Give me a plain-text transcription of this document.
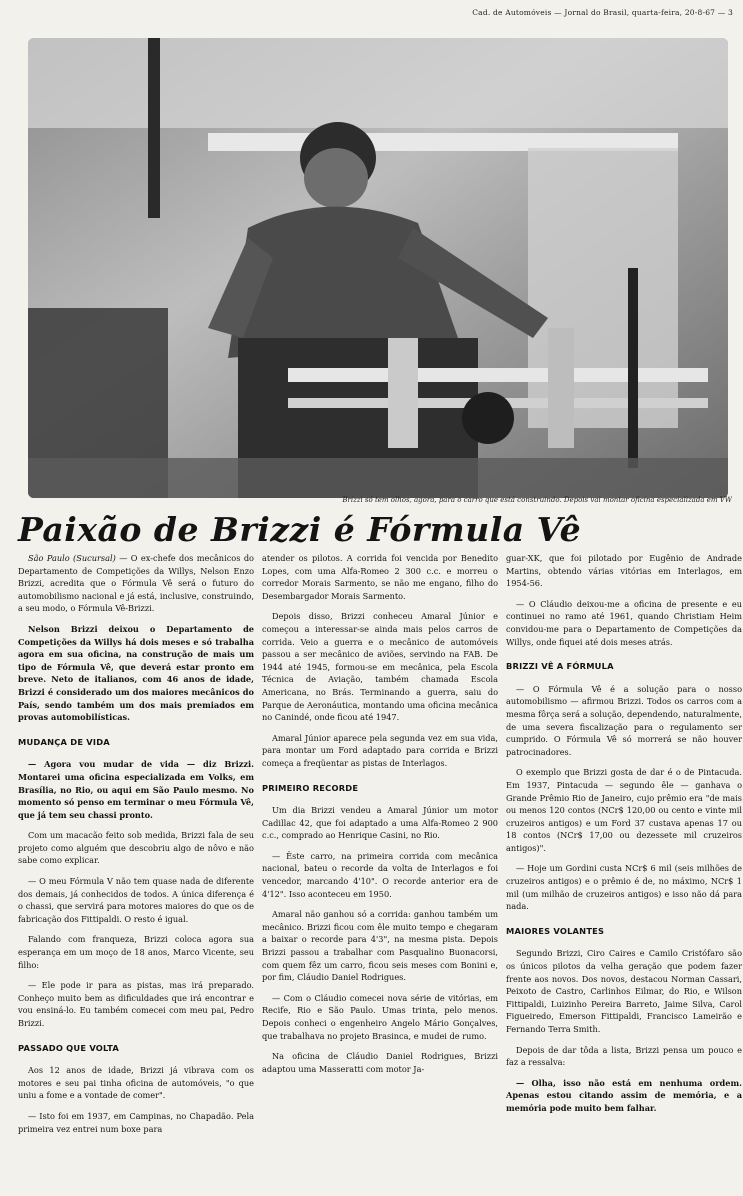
Cad. de Automóveis — Jornal do Brasil, quarta-feira, 20-8-67 — 3
Brizzi só tem olhos, agora, para o carro que está construindo. Depois vai montar oficina especializada em VW
Paixão de Brizzi é Fórmula Vê

São Paulo (Sucursal) — O ex-chefe dos mecânicos do Departamento de Competições da Willys, Nelson Enzo Brizzi, acredita que o Fórmula Vê será o futuro do automobilismo nacional e já está, inclusive, construindo, a seu modo, o Fórmula Vê-Brizzi.

Nelson Brizzi deixou o Departamento de Competições da Willys há dois meses e só trabalha agora em sua oficina, na construção de mais um tipo de Fórmula Vê, que deverá estar pronto em breve. Neto de italianos, com 46 anos de idade, Brizzi é considerado um dos maiores mecânicos do País, sendo também um dos mais premiados em provas automobilísticas.

MUDANÇA DE VIDA

— Agora vou mudar de vida — diz Brizzi. Montarei uma oficina especializada em Volks, em Brasília, no Rio, ou aqui em São Paulo mesmo. No momento só penso em terminar o meu Fórmula Vê, que já tem seu chassi pronto.

Com um macacão feito sob medida, Brizzi fala de seu projeto como alguém que descobriu algo de nôvo e não sabe como explicar.

— O meu Fórmula V não tem quase nada de diferente dos demais, já conhecidos de todos. A única diferença é o chassi, que servirá para motores maiores do que os de fabricação dos Fittipaldi. O resto é igual.

Falando com franqueza, Brizzi coloca agora sua esperança em um moço de 18 anos, Marco Vicente, seu filho:

— Ele pode ir para as pistas, mas irá preparado. Conheço muito bem as dificuldades que irá encontrar e vou ensiná-lo. Eu também comecei com meu pai, Pedro Brizzi.

PASSADO QUE VOLTA

Aos 12 anos de idade, Brizzi já vibrava com os motores e seu pai tinha oficina de automóveis, "o que uniu a fome e a vontade de comer".

— Isto foi em 1937, em Campinas, no Chapadão. Pela primeira vez entrei num boxe para

atender os pilotos. A corrida foi vencida por Benedito Lopes, com uma Alfa-Romeo 2 300 c.c. e morreu o corredor Morais Sarmento, se não me engano, filho do Desembargador Morais Sarmento.

Depois disso, Brizzi conheceu Amaral Júnior e começou a interessar-se ainda mais pelos carros de corrida. Veio a guerra e o mecânico de automóveis passou a ser mecânico de aviões, servindo na FAB. De 1944 até 1945, formou-se em mecânica, pela Escola Técnica de Aviação, também chamada Escola Americana, no Brás. Terminando a guerra, saiu do Parque de Aeronáutica, montando uma oficina mecânica no Canindé, onde ficou até 1947.

Amaral Júnior aparece pela segunda vez em sua vida, para montar um Ford adaptado para corrida e Brizzi começa a freqüentar as pistas de Interlagos.

PRIMEIRO RECORDE

Um dia Brizzi vendeu a Amaral Júnior um motor Cadillac 42, que foi adaptado a uma Alfa-Romeo 2 900 c.c., comprado ao Henrique Casini, no Rio.

— Êste carro, na primeira corrida com mecânica nacional, bateu o recorde da volta de Interlagos e foi vencedor, marcando 4'10". O recorde anterior era de 4'12". Isso aconteceu em 1950.

Amaral não ganhou só a corrida: ganhou também um mecânico. Brizzi ficou com êle muito tempo e chegaram a baixar o recorde para 4'3", na mesma pista. Depois Brizzi passou a trabalhar com Pasqualino Buonacorsi, com quem fêz um carro, ficou seis meses com Bonini e, por fim, Cláudio Daniel Rodrigues.

— Com o Cláudio comecei nova série de vitórias, em Recife, Rio e São Paulo. Umas trinta, pelo menos. Depois conheci o engenheiro Angelo Mário Gonçalves, que trabalhava no projeto Brasinca, e mudei de rumo.

Na oficina de Cláudio Daniel Rodrigues, Brizzi adaptou uma Masseratti com motor Ja-

guar-XK, que foi pilotado por Eugênio de Andrade Martins, obtendo várias vitórias em Interlagos, em 1954-56.

— O Cláudio deixou-me a oficina de presente e eu continuei no ramo até 1961, quando Christiam Heim convidou-me para o Departamento de Competições da Willys, onde fiquei até dois meses atrás.

BRIZZI VÊ A FÓRMULA

— O Fórmula Vê é a solução para o nosso automobilismo — afirmou Brizzi. Todos os carros com a mesma fôrça será a solução, dependendo, naturalmente, de uma severa fiscalização para o regulamento ser cumprido. O Fórmula Vê só morrerá se não houver patrocinadores.

O exemplo que Brizzi gosta de dar é o de Pintacuda. Em 1937, Pintacuda — segundo êle — ganhava o Grande Prêmio Rio de Janeiro, cujo prêmio era "de mais ou menos 120 contos (NCr$ 120,00 ou cento e vinte mil cruzeiros antigos) e um Ford 37 custava apenas 17 ou 18 contos (NCr$ 17,00 ou dezessete mil cruzeiros antigos)".

— Hoje um Gordini custa NCr$ 6 mil (seis milhões de cruzeiros antigos) e o prêmio é de, no máximo, NCr$ 1 mil (um milhão de cruzeiros antigos) e isso não dá para nada.

MAIORES VOLANTES

Segundo Brizzi, Ciro Caires e Camilo Cristófaro são os únicos pilotos da velha geração que podem fazer frente aos novos. Dos novos, destacou Norman Cassari, Peixoto de Castro, Carlinhos Eilmar, do Rio, e Wilson Fittipaldi, Luizinho Pereira Barreto, Jaime Silva, Carol Figueiredo, Emerson Fittipaldi, Francisco Lameirão e Fernando Terra Smith.

Depois de dar tôda a lista, Brizzi pensa um pouco e faz a ressalva:

— Olha, isso não está em nenhuma ordem. Apenas estou citando assim de memória, e a memória pode muito bem falhar.
